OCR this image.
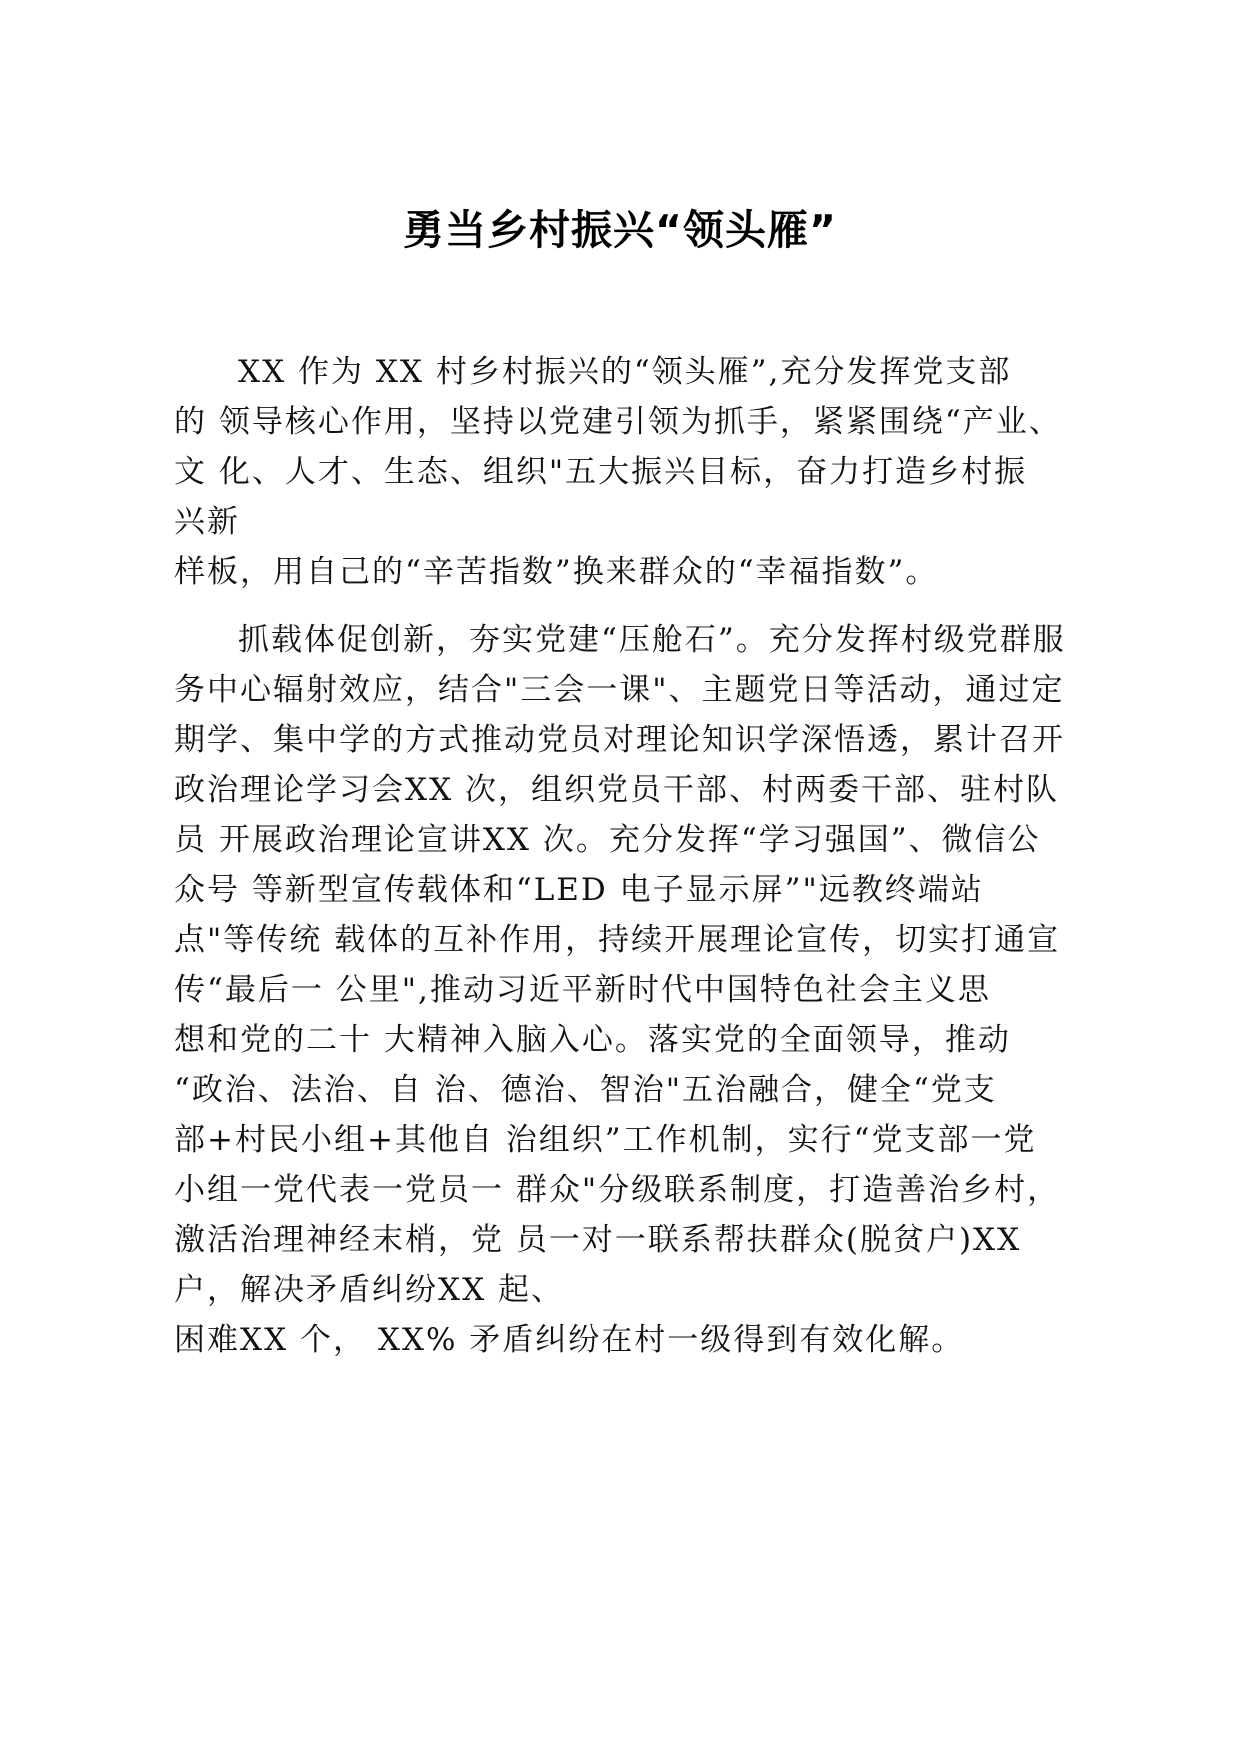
勇当乡村振兴“领头雁”
XX 作为 XX 村乡村振兴的“领头雁”,充分发挥党支部
的 领导核心作用，坚持以党建引领为抓手，紧紧围绕“产业、
文 化、人才、生态、组织"五大振兴目标，奋力打造乡村振
兴新
样板，用自己的“辛苦指数”换来群众的“幸福指数”。
抓载体促创新，夯实党建“压舱石”。充分发挥村级党群服
务中心辐射效应，结合"三会一课"、主题党日等活动，通过定
期学、集中学的方式推动党员对理论知识学深悟透，累计召开
政治理论学习会XX 次，组织党员干部、村两委干部、驻村队
员 开展政治理论宣讲XX 次。充分发挥“学习强国”、微信公
众号 等新型宣传载体和“LED 电子显示屏”"远教终端站
点"等传统 载体的互补作用，持续开展理论宣传，切实打通宣
传“最后一 公里",推动习近平新时代中国特色社会主义思
想和党的二十 大精神入脑入心。落实党的全面领导，推动
“政治、法治、自 治、德治、智治"五治融合，健全“党支
部+村民小组+其他自 治组织”工作机制，实行“党支部一党
小组一党代表一党员一 群众"分级联系制度，打造善治乡村，
激活治理神经末梢，党 员一对一联系帮扶群众(脱贫户)XX
户，解决矛盾纠纷XX 起、
困难XX 个， XX% 矛盾纠纷在村一级得到有效化解。
